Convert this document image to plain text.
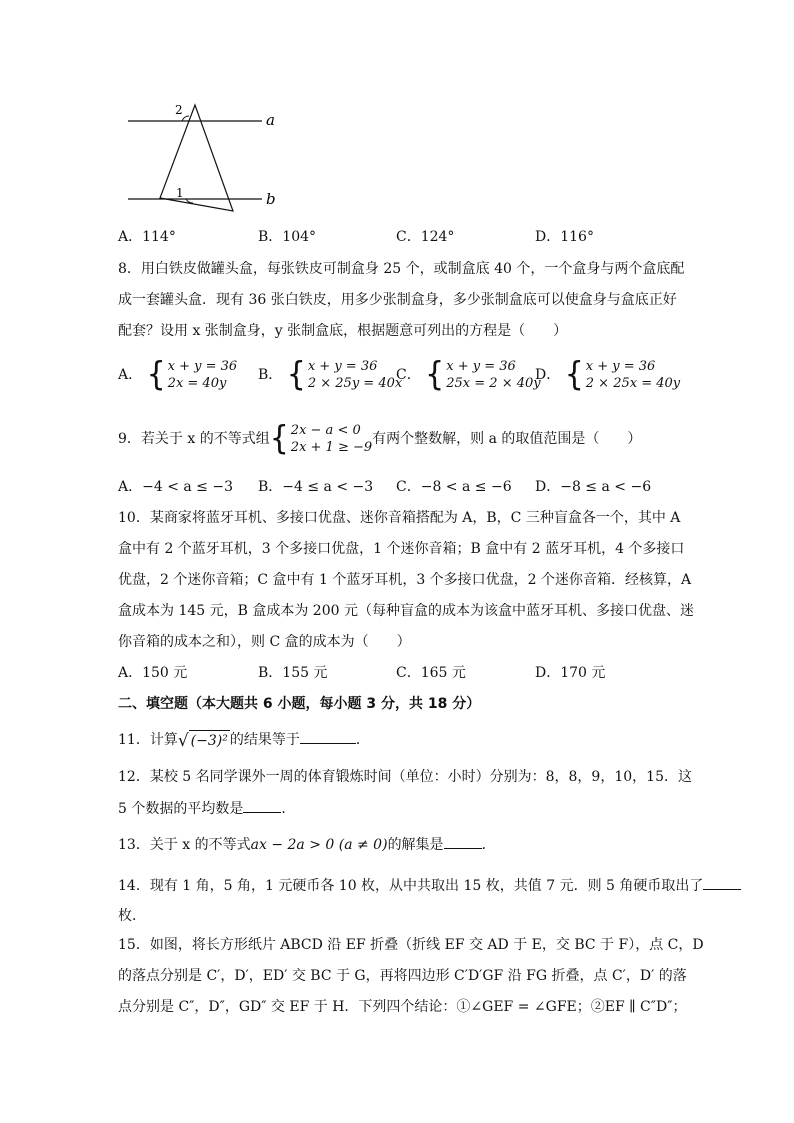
a
b
2
1
A．114°	B．104°	C．124°	D．116°
8．用白铁皮做罐头盒，每张铁皮可制盒身 25 个，或制盒底 40 个，一个盒身与两个盒底配
成一套罐头盒．现有 36 张白铁皮，用多少张制盒身，多少张制盒底可以使盒身与盒底正好
配套？设用 x 张制盒身，y 张制盒底，根据题意可列出的方程是（　　）
A． { x + y = 36
2x = 40y
B． { x + y = 36
2 × 25y = 40x
C． { x + y = 36
25x = 2 × 40y
D． { x + y = 36
2 × 25x = 40y
9．若关于 x 的不等式组 { 2x − a < 0
2x + 1 ≥ −9
有两个整数解，则 a 的取值范围是（　　）
A．−4 < a ≤ −3 B．−4 ≤ a < −3 C．−8 < a ≤ −6 D．−8 ≤ a < −6
10．某商家将蓝牙耳机、多接口优盘、迷你音箱搭配为 A，B，C 三种盲盒各一个，其中 A
盒中有 2 个蓝牙耳机，3 个多接口优盘，1 个迷你音箱；B 盒中有 2 蓝牙耳机，4 个多接口
优盘，2 个迷你音箱；C 盒中有 1 个蓝牙耳机，3 个多接口优盘，2 个迷你音箱．经核算，A
盒成本为 145 元，B 盒成本为 200 元（每种盲盒的成本为该盒中蓝牙耳机、多接口优盘、迷
你音箱的成本之和），则 C 盒的成本为（　　）
A．150 元	B．155 元	C．165 元	D．170 元
二、填空题（本大题共 6 小题，每小题 3 分，共 18 分）
11．计算 √ (−3)² 的结果等于	．
12．某校 5 名同学课外一周的体育锻炼时间（单位：小时）分别为：8，8，9，10，15．这
5 个数据的平均数是	．
13．关于 x 的不等式ax − 2a > 0 (a ≠ 0)的解集是	．
14．现有 1 角，5 角，1 元硬币各 10 枚，从中共取出 15 枚，共值 7 元．则 5 角硬币取出了
枚．
15．如图，将长方形纸片 ABCD 沿 EF 折叠（折线 EF 交 AD 于 E，交 BC 于 F），点 C，D
的落点分别是 C′，D′，ED′ 交 BC 于 G，再将四边形 C′D′GF 沿 FG 折叠，点 C′，D′ 的落
点分别是 C″，D″，GD″ 交 EF 于 H．下列四个结论：①∠GEF = ∠GFE；②EF ∥ C″D″；
